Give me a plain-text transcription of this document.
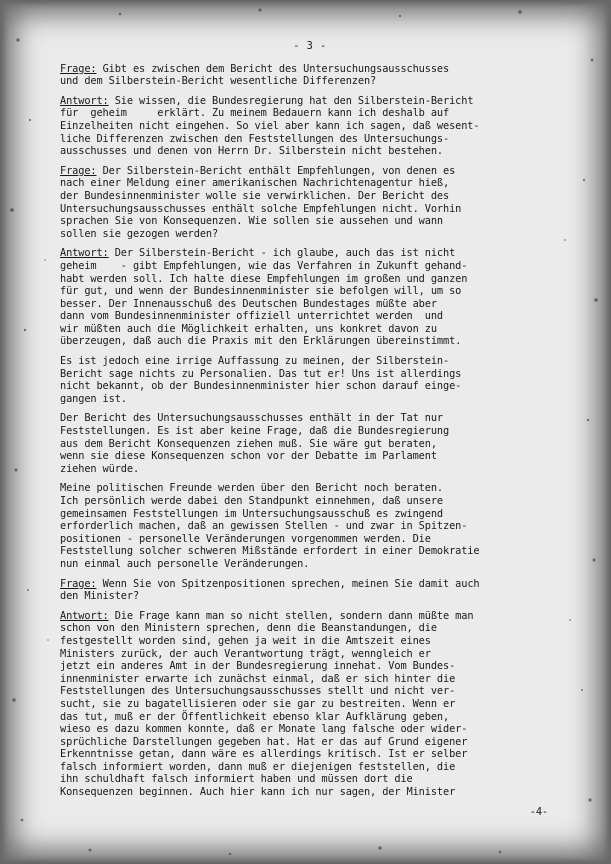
- 3 -
Frage: Gibt es zwischen dem Bericht des Untersuchungsausschusses
und dem Silberstein-Bericht wesentliche Differenzen?
Antwort: Sie wissen, die Bundesregierung hat den Silberstein-Bericht
für  geheim     erklärt. Zu meinem Bedauern kann ich deshalb auf
Einzelheiten nicht eingehen. So viel aber kann ich sagen, daß wesent-
liche Differenzen zwischen den Feststellungen des Untersuchungs-
ausschusses und denen von Herrn Dr. Silberstein nicht bestehen.
Frage: Der Silberstein-Bericht enthält Empfehlungen, von denen es
nach einer Meldung einer amerikanischen Nachrichtenagentur hieß,
der Bundesinnenminister wolle sie verwirklichen. Der Bericht des
Untersuchungsausschusses enthält solche Empfehlungen nicht. Vorhin
sprachen Sie von Konsequenzen. Wie sollen sie aussehen und wann
sollen sie gezogen werden?
Antwort: Der Silberstein-Bericht - ich glaube, auch das ist nicht
geheim    - gibt Empfehlungen, wie das Verfahren in Zukunft gehand-
habt werden soll. Ich halte diese Empfehlungen im großen und ganzen
für gut, und wenn der Bundesinnenminister sie befolgen will, um so
besser. Der Innenausschuß des Deutschen Bundestages müßte aber
dann vom Bundesinnenminister offiziell unterrichtet werden  und
wir müßten auch die Möglichkeit erhalten, uns konkret davon zu
überzeugen, daß auch die Praxis mit den Erklärungen übereinstimmt.
Es ist jedoch eine irrige Auffassung zu meinen, der Silberstein-
Bericht sage nichts zu Personalien. Das tut er! Uns ist allerdings
nicht bekannt, ob der Bundesinnenminister hier schon darauf einge-
gangen ist.
Der Bericht des Untersuchungsausschusses enthält in der Tat nur
Feststellungen. Es ist aber keine Frage, daß die Bundesregierung
aus dem Bericht Konsequenzen ziehen muß. Sie wäre gut beraten,
wenn sie diese Konsequenzen schon vor der Debatte im Parlament
ziehen würde.
Meine politischen Freunde werden über den Bericht noch beraten.
Ich persönlich werde dabei den Standpunkt einnehmen, daß unsere
gemeinsamen Feststellungen im Untersuchungsausschuß es zwingend
erforderlich machen, daß an gewissen Stellen - und zwar in Spitzen-
positionen - personelle Veränderungen vorgenommen werden. Die
Feststellung solcher schweren Mißstände erfordert in einer Demokratie
nun einmal auch personelle Veränderungen.
Frage: Wenn Sie von Spitzenpositionen sprechen, meinen Sie damit auch
den Minister?
Antwort: Die Frage kann man so nicht stellen, sondern dann müßte man
schon von den Ministern sprechen, denn die Beanstandungen, die
festgestellt worden sind, gehen ja weit in die Amtszeit eines
Ministers zurück, der auch Verantwortung trägt, wenngleich er
jetzt ein anderes Amt in der Bundesregierung innehat. Vom Bundes-
innenminister erwarte ich zunächst einmal, daß er sich hinter die
Feststellungen des Untersuchungsausschusses stellt und nicht ver-
sucht, sie zu bagatellisieren oder sie gar zu bestreiten. Wenn er
das tut, muß er der Öffentlichkeit ebenso klar Aufklärung geben,
wieso es dazu kommen konnte, daß er Monate lang falsche oder wider-
sprüchliche Darstellungen gegeben hat. Hat er das auf Grund eigener
Erkenntnisse getan, dann wäre es allerdings kritisch. Ist er selber
falsch informiert worden, dann muß er diejenigen feststellen, die
ihn schuldhaft falsch informiert haben und müssen dort die
Konsequenzen beginnen. Auch hier kann ich nur sagen, der Minister
-4-
